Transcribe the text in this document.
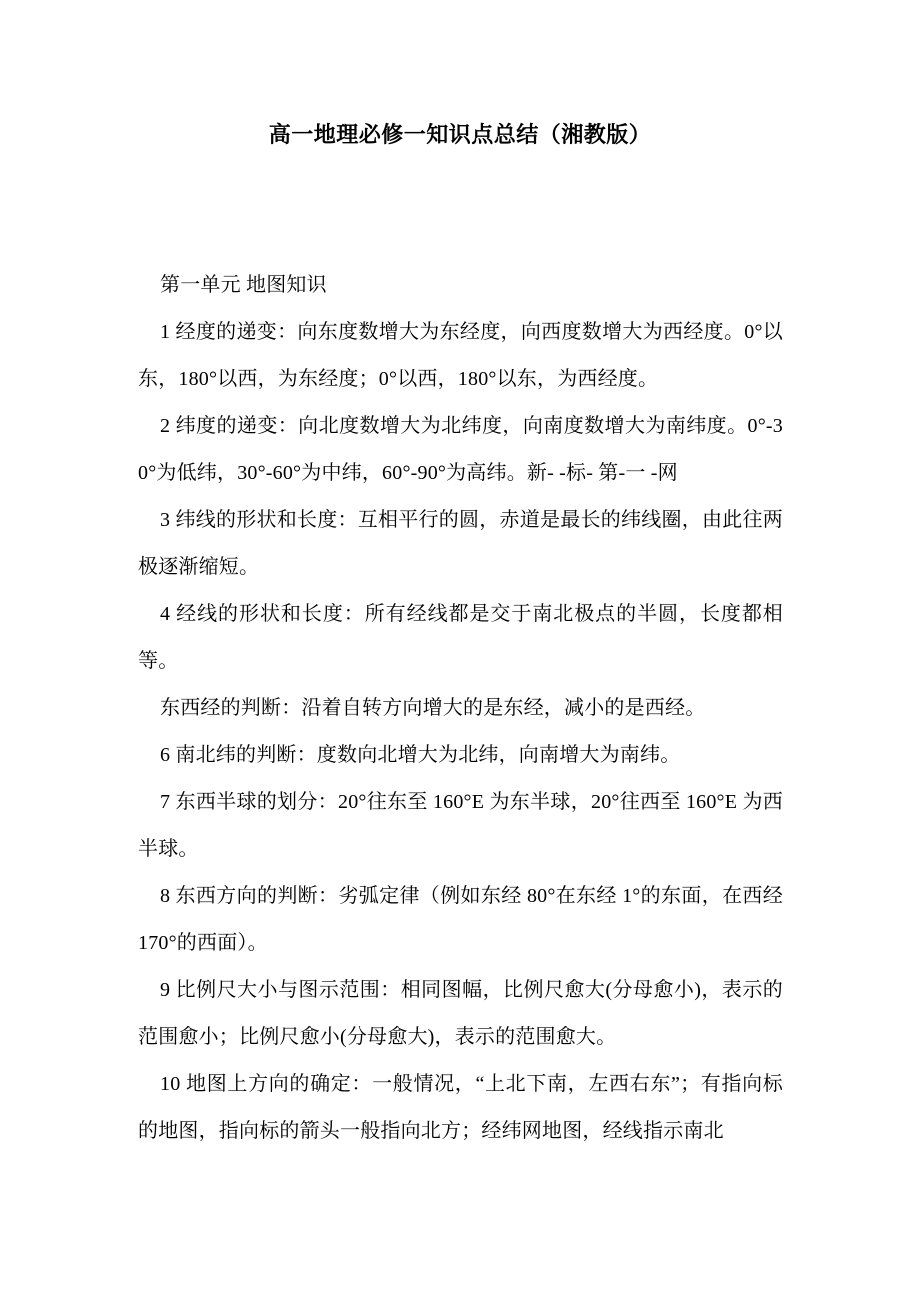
高一地理必修一知识点总结（湘教版）

第一单元 地图知识

1 经度的递变：向东度数增大为东经度，向西度数增大为西经度。0°以东，180°以西，为东经度；0°以西，180°以东，为西经度。

2 纬度的递变：向北度数增大为北纬度，向南度数增大为南纬度。0°-30°为低纬，30°-60°为中纬，60°-90°为高纬。新- -标- 第-一 -网

3 纬线的形状和长度：互相平行的圆，赤道是最长的纬线圈，由此往两极逐渐缩短。

4 经线的形状和长度：所有经线都是交于南北极点的半圆，长度都相等。

东西经的判断：沿着自转方向增大的是东经，减小的是西经。

6 南北纬的判断：度数向北增大为北纬，向南增大为南纬。

7 东西半球的划分：20°往东至 160°E 为东半球，20°往西至 160°E 为西半球。

8 东西方向的判断：劣弧定律（例如东经 80°在东经 1°的东面，在西经 170°的西面）。

9 比例尺大小与图示范围：相同图幅，比例尺愈大(分母愈小)，表示的范围愈小；比例尺愈小(分母愈大)，表示的范围愈大。

10 地图上方向的确定：一般情况，“上北下南，左西右东”；有指向标的地图，指向标的箭头一般指向北方；经纬网地图，经线指示南北
